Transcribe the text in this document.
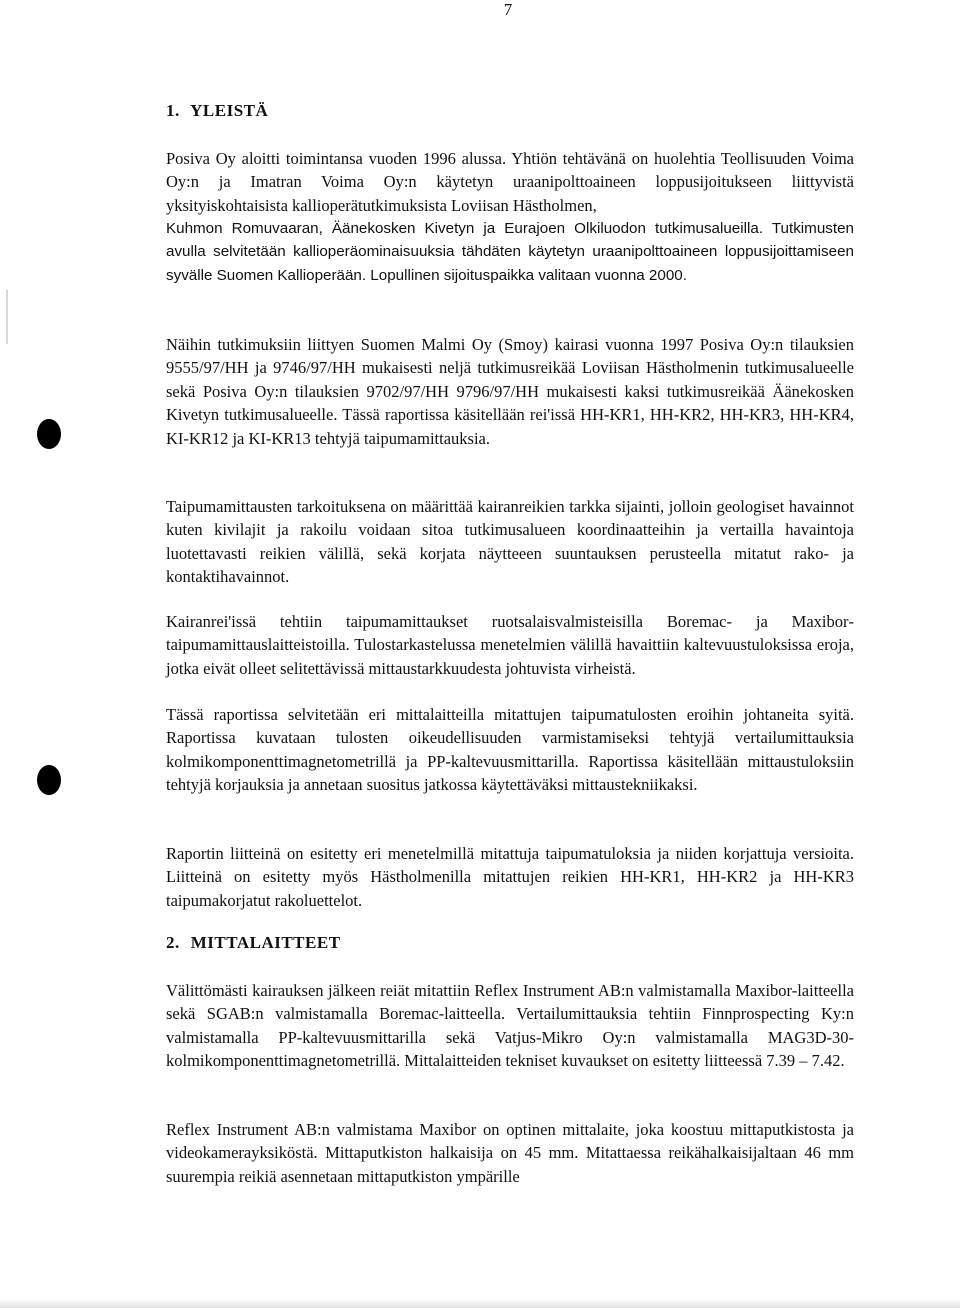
7
1. YLEISTÄ

Posiva Oy aloitti toimintansa vuoden 1996 alussa. Yhtiön tehtävänä on huolehtia Teollisuuden Voima Oy:n ja Imatran Voima Oy:n käytetyn uraanipolttoaineen loppusijoitukseen liittyvistä yksityiskohtaisista kallioperätutkimuksista Loviisan Hästholmen,

Kuhmon Romuvaaran, Äänekosken Kivetyn ja Eurajoen Olkiluodon tutkimusalueilla. Tutkimusten avulla selvitetään kallioperäominaisuuksia tähdäten käytetyn uraanipolttoaineen loppusijoittamiseen syvälle Suomen Kallioperään. Lopullinen sijoituspaikka valitaan vuonna 2000.

Näihin tutkimuksiin liittyen Suomen Malmi Oy (Smoy) kairasi vuonna 1997 Posiva Oy:n tilauksien 9555/97/HH ja 9746/97/HH mukaisesti neljä tutkimusreikää Loviisan Hästholmenin tutkimusalueelle sekä Posiva Oy:n tilauksien 9702/97/HH 9796/97/HH mukaisesti kaksi tutkimusreikää Äänekosken Kivetyn tutkimusalueelle. Tässä raportissa käsitellään rei'issä HH-KR1, HH-KR2, HH-KR3, HH-KR4, KI-KR12 ja KI-KR13 tehtyjä taipumamittauksia.

Taipumamittausten tarkoituksena on määrittää kairanreikien tarkka sijainti, jolloin geologiset havainnot kuten kivilajit ja rakoilu voidaan sitoa tutkimusalueen koordinaatteihin ja vertailla havaintoja luotettavasti reikien välillä, sekä korjata näytteeen suuntauksen perusteella mitatut rako- ja kontaktihavainnot.

Kairanrei'issä tehtiin taipumamittaukset ruotsalaisvalmisteisilla Boremac- ja Maxibortaipumamittauslaitteistoilla. Tulostarkastelussa menetelmien välillä havaittiin kaltevuustuloksissa eroja, jotka eivät olleet selitettävissä mittaustarkkuudesta johtuvista virheistä.

Tässä raportissa selvitetään eri mittalaitteilla mitattujen taipumatulosten eroihin johtaneita syitä. Raportissa kuvataan tulosten oikeudellisuuden varmistamiseksi tehtyjä vertailumittauksia kolmikomponenttimagnetometrillä ja PP-kaltevuusmittarilla. Raportissa käsitellään mittaustuloksiin tehtyjä korjauksia ja annetaan suositus jatkossa käytettäväksi mittaustekniikaksi.

Raportin liitteinä on esitetty eri menetelmillä mitattuja taipumatuloksia ja niiden korjattuja versioita. Liitteinä on esitetty myös Hästholmenilla mitattujen reikien HH-KR1, HH-KR2 ja HH-KR3 taipumakorjatut rakoluettelot.

2. MITTALAITTEET

Välittömästi kairauksen jälkeen reiät mitattiin Reflex Instrument AB:n valmistamalla Maxibor-laitteella sekä SGAB:n valmistamalla Boremac-laitteella. Vertailumittauksia tehtiin Finnprospecting Ky:n valmistamalla PP-kaltevuusmittarilla sekä Vatjus-Mikro Oy:n valmistamalla MAG3D-30-kolmikomponenttimagnetometrillä. Mittalaitteiden tekniset kuvaukset on esitetty liitteessä 7.39 – 7.42.

Reflex Instrument AB:n valmistama Maxibor on optinen mittalaite, joka koostuu mittaputkistosta ja videokamerayksiköstä. Mittaputkiston halkaisija on 45 mm. Mitattaessa reikähalkaisijaltaan 46 mm suurempia reikiä asennetaan mittaputkiston ympärille
